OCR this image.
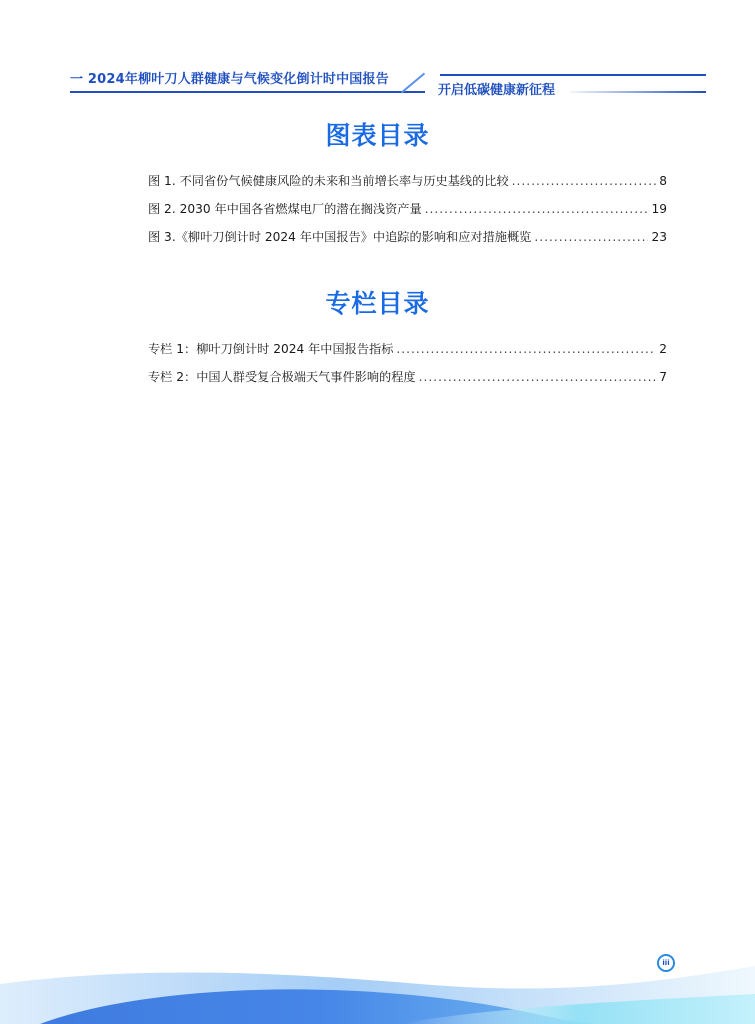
一 2024年柳叶刀人群健康与气候变化倒计时中国报告
开启低碳健康新征程
图表目录
图 1. 不同省份气候健康风险的未来和当前增长率与历史基线的比较 .....	8
图 2. 2030 年中国各省燃煤电厂的潜在搁浅资产量 .....	19
图 3.《柳叶刀倒计时 2024 年中国报告》中追踪的影响和应对措施概览 .....	23
专栏目录
专栏 1：柳叶刀倒计时 2024 年中国报告指标 .....	2
专栏 2：中国人群受复合极端天气事件影响的程度 .....	7
iii
